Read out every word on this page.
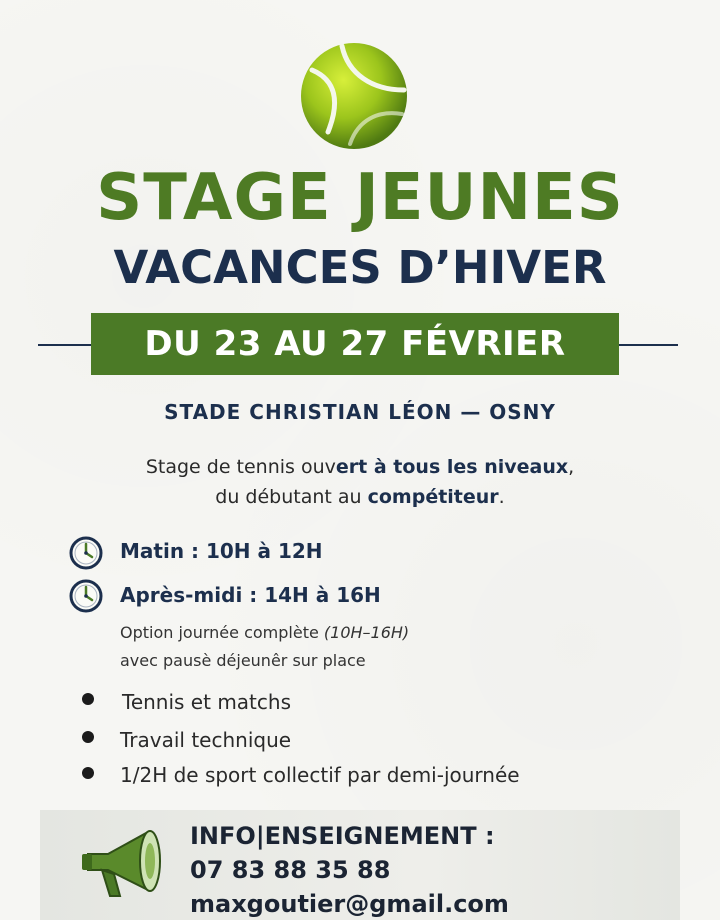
STAGE JEUNES
VACANCES D’HIVER
DU 23 AU 27 FÉVRIER
STADE CHRISTIAN LÉON — OSNY
Stage de tennis ouvert à tous les niveaux,
du débutant au compétiteur.
Matin : 10H à 12H
Après-midi : 14H à 16H
Option journée complète (10H–16H)
avec pausè déjeunêr sur place
Tennis et matchs
Travail technique
1/2H de sport collectif par demi-journée
INFO|ENSEIGNEMENT :
07 83 88 35 88
maxgoutier@gmail.com
